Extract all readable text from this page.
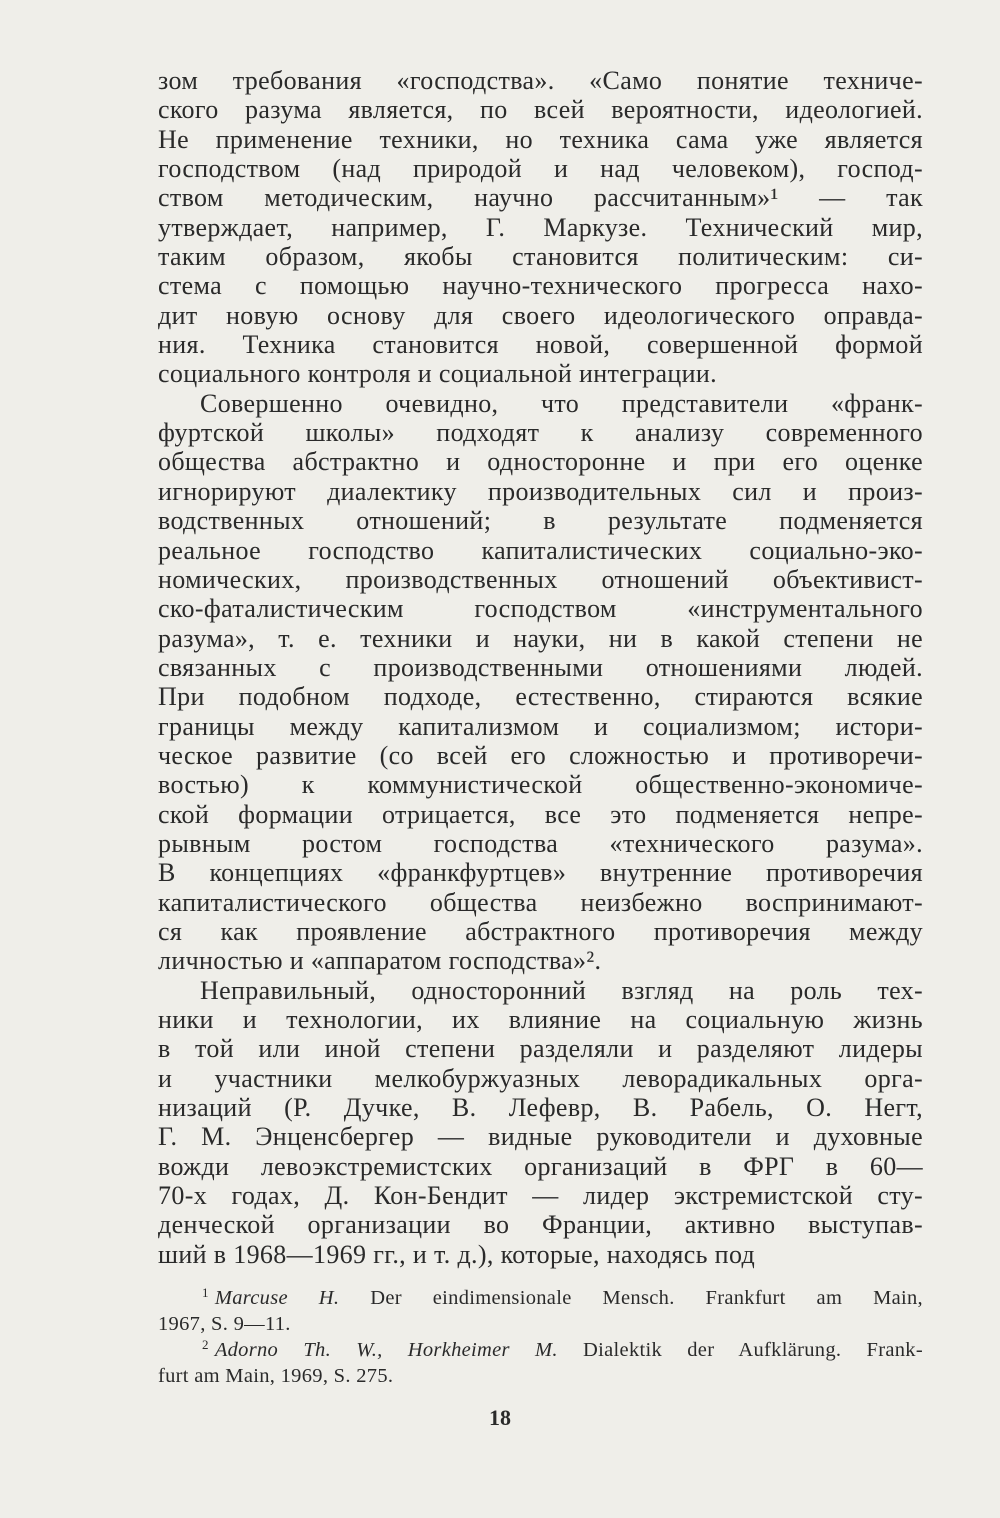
зом требования «господства». «Само понятие техниче-
ского разума является, по всей вероятности, идеологией.
Не применение техники, но техника сама уже является
господством (над природой и над человеком), господ-
ством методическим, научно рассчитанным»¹ — так
утверждает, например, Г. Маркузе. Технический мир,
таким образом, якобы становится политическим: си-
стема с помощью научно-технического прогресса нахо-
дит новую основу для своего идеологического оправда-
ния. Техника становится новой, совершенной формой
социального контроля и социальной интеграции.
Совершенно очевидно, что представители «франк-
фуртской школы» подходят к анализу современного
общества абстрактно и односторонне и при его оценке
игнорируют диалектику производительных сил и произ-
водственных отношений; в результате подменяется
реальное господство капиталистических социально-эко-
номических, производственных отношений объективист-
ско-фаталистическим господством «инструментального
разума», т. е. техники и науки, ни в какой степени не
связанных с производственными отношениями людей.
При подобном подходе, естественно, стираются всякие
границы между капитализмом и социализмом; истори-
ческое развитие (со всей его сложностью и противоречи-
востью) к коммунистической общественно-экономиче-
ской формации отрицается, все это подменяется непре-
рывным ростом господства «технического разума».
В концепциях «франкфуртцев» внутренние противоречия
капиталистического общества неизбежно воспринимают-
ся как проявление абстрактного противоречия между
личностью и «аппаратом господства»².
Неправильный, односторонний взгляд на роль тех-
ники и технологии, их влияние на социальную жизнь
в той или иной степени разделяли и разделяют лидеры
и участники мелкобуржуазных леворадикальных орга-
низаций (Р. Дучке, В. Лефевр, В. Рабель, О. Негт,
Г. М. Энценсбергер — видные руководители и духовные
вожди левоэкстремистских организаций в ФРГ в 60—
70-х годах, Д. Кон-Бендит — лидер экстремистской сту-
денческой организации во Франции, активно выступав-
ший в 1968—1969 гг., и т. д.), которые, находясь под
$^1$ Marcuse H. Der eindimensionale Mensch. Frankfurt am Main,
1967, S. 9—11.
$^2$ Adorno Th. W., Horkheimer M. Dialektik der Aufklärung. Frank-
furt am Main, 1969, S. 275.
18
